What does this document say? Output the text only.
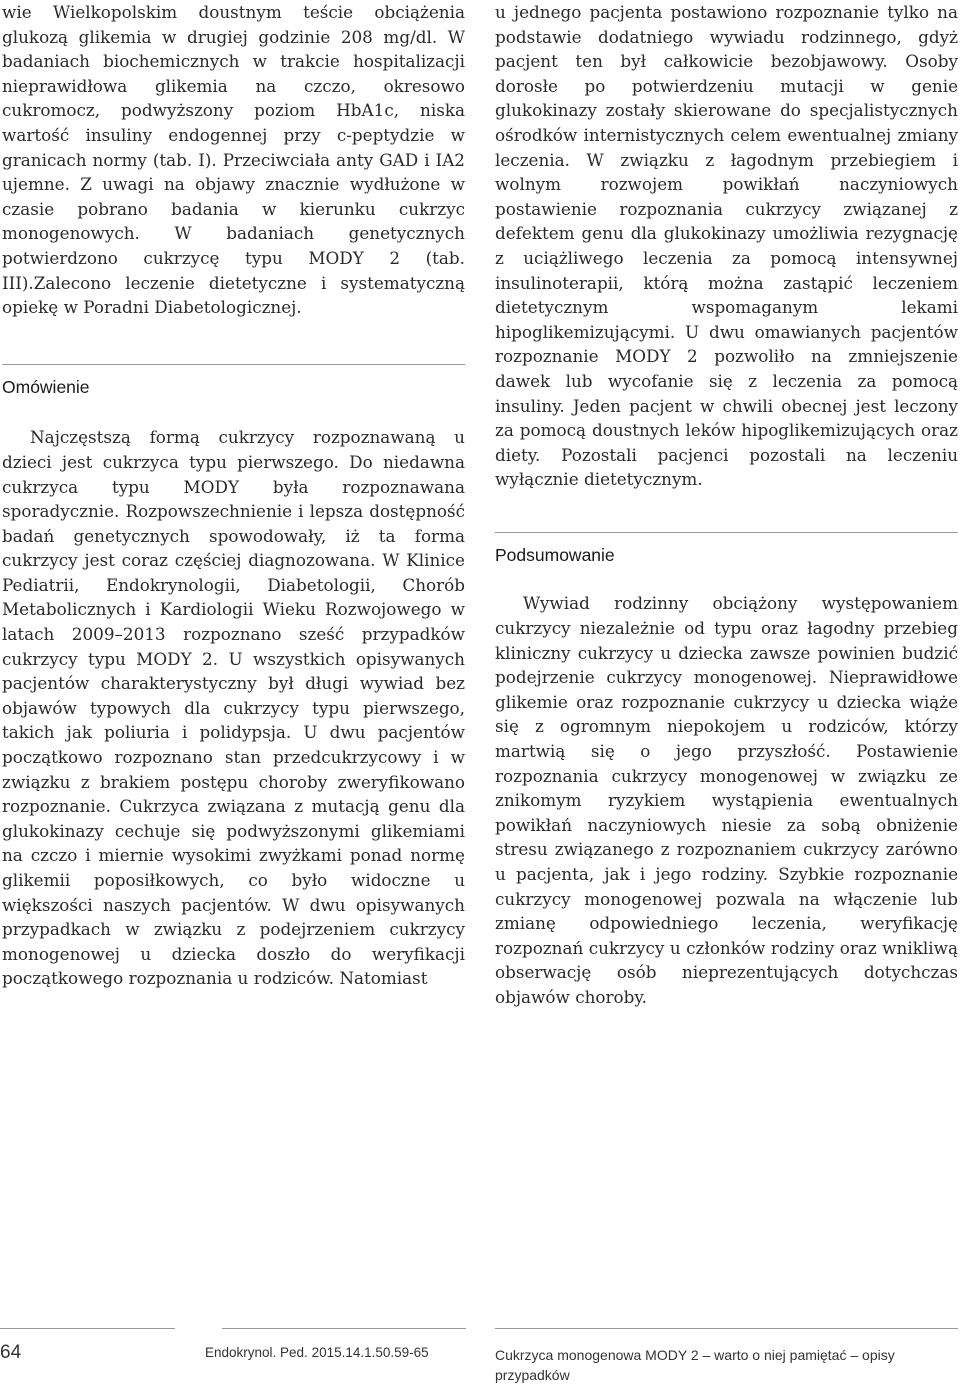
wie Wielkopolskim doustnym teście obciążenia glukozą glikemia w drugiej godzinie 208 mg/dl. W badaniach biochemicznych w trakcie hospitalizacji nieprawidłowa glikemia na czczo, okresowo cukromocz, podwyższony poziom HbA1c, niska wartość insuliny endogennej przy c-peptydzie w granicach normy (tab. I). Przeciwciała anty GAD i IA2 ujemne. Z uwagi na objawy znacznie wydłużone w czasie pobrano badania w kierunku cukrzyc monogenowych. W badaniach genetycznych potwierdzono cukrzycę typu MODY 2 (tab. III).Zalecono leczenie dietetyczne i systematyczną opiekę w Poradni Diabetologicznej.

Omówienie

Najczęstszą formą cukrzycy rozpoznawaną u dzieci jest cukrzyca typu pierwszego. Do niedawna cukrzyca typu MODY była rozpoznawana sporadycznie. Rozpowszechnienie i lepsza dostępność badań genetycznych spowodowały, iż ta forma cukrzycy jest coraz częściej diagnozowana. W Klinice Pediatrii, Endokrynologii, Diabetologii, Chorób Metabolicznych i Kardiologii Wieku Rozwojowego w latach 2009–2013 rozpoznano sześć przypadków cukrzycy typu MODY 2. U wszystkich opisywanych pacjentów charakterystyczny był długi wywiad bez objawów typowych dla cukrzycy typu pierwszego, takich jak poliuria i polidypsja. U dwu pacjentów początkowo rozpoznano stan przedcukrzycowy i w związku z brakiem postępu choroby zweryfikowano rozpoznanie. Cukrzyca związana z mutacją genu dla glukokinazy cechuje się podwyższonymi glikemiami na czczo i miernie wysokimi zwyżkami ponad normę glikemii poposiłkowych, co było widoczne u większości naszych pacjentów. W dwu opisywanych przypadkach w związku z podejrzeniem cukrzycy monogenowej u dziecka doszło do weryfikacji początkowego rozpoznania u rodziców. Natomiast

u jednego pacjenta postawiono rozpoznanie tylko na podstawie dodatniego wywiadu rodzinnego, gdyż pacjent ten był całkowicie bezobjawowy. Osoby dorosłe po potwierdzeniu mutacji w genie glukokinazy zostały skierowane do specjalistycznych ośrodków internistycznych celem ewentualnej zmiany leczenia. W związku z łagodnym przebiegiem i wolnym rozwojem powikłań naczyniowych postawienie rozpoznania cukrzycy związanej z defektem genu dla glukokinazy umożliwia rezygnację z uciążliwego leczenia za pomocą intensywnej insulinoterapii, którą można zastąpić leczeniem dietetycznym wspomaganym lekami hipoglikemizującymi. U dwu omawianych pacjentów rozpoznanie MODY 2 pozwoliło na zmniejszenie dawek lub wycofanie się z leczenia za pomocą insuliny. Jeden pacjent w chwili obecnej jest leczony za pomocą doustnych leków hipoglikemizujących oraz diety. Pozostali pacjenci pozostali na leczeniu wyłącznie dietetycznym.

Podsumowanie

Wywiad rodzinny obciążony występowaniem cukrzycy niezależnie od typu oraz łagodny przebieg kliniczny cukrzycy u dziecka zawsze powinien budzić podejrzenie cukrzycy monogenowej. Nieprawidłowe glikemie oraz rozpoznanie cukrzycy u dziecka wiąże się z ogromnym niepokojem u rodziców, którzy martwią się o jego przyszłość. Postawienie rozpoznania cukrzycy monogenowej w związku ze znikomym ryzykiem wystąpienia ewentualnych powikłań naczyniowych niesie za sobą obniżenie stresu związanego z rozpoznaniem cukrzycy zarówno u pacjenta, jak i jego rodziny. Szybkie rozpoznanie cukrzycy monogenowej pozwala na włączenie lub zmianę odpowiedniego leczenia, weryfikację rozpoznań cukrzycy u członków rodziny oraz wnikliwą obserwację osób nieprezentujących dotychczas objawów choroby.

64	Endokrynol. Ped. 2015.14.1.50.59-65	Cukrzyca monogenowa MODY 2 – warto o niej pamiętać – opisy przypadków
